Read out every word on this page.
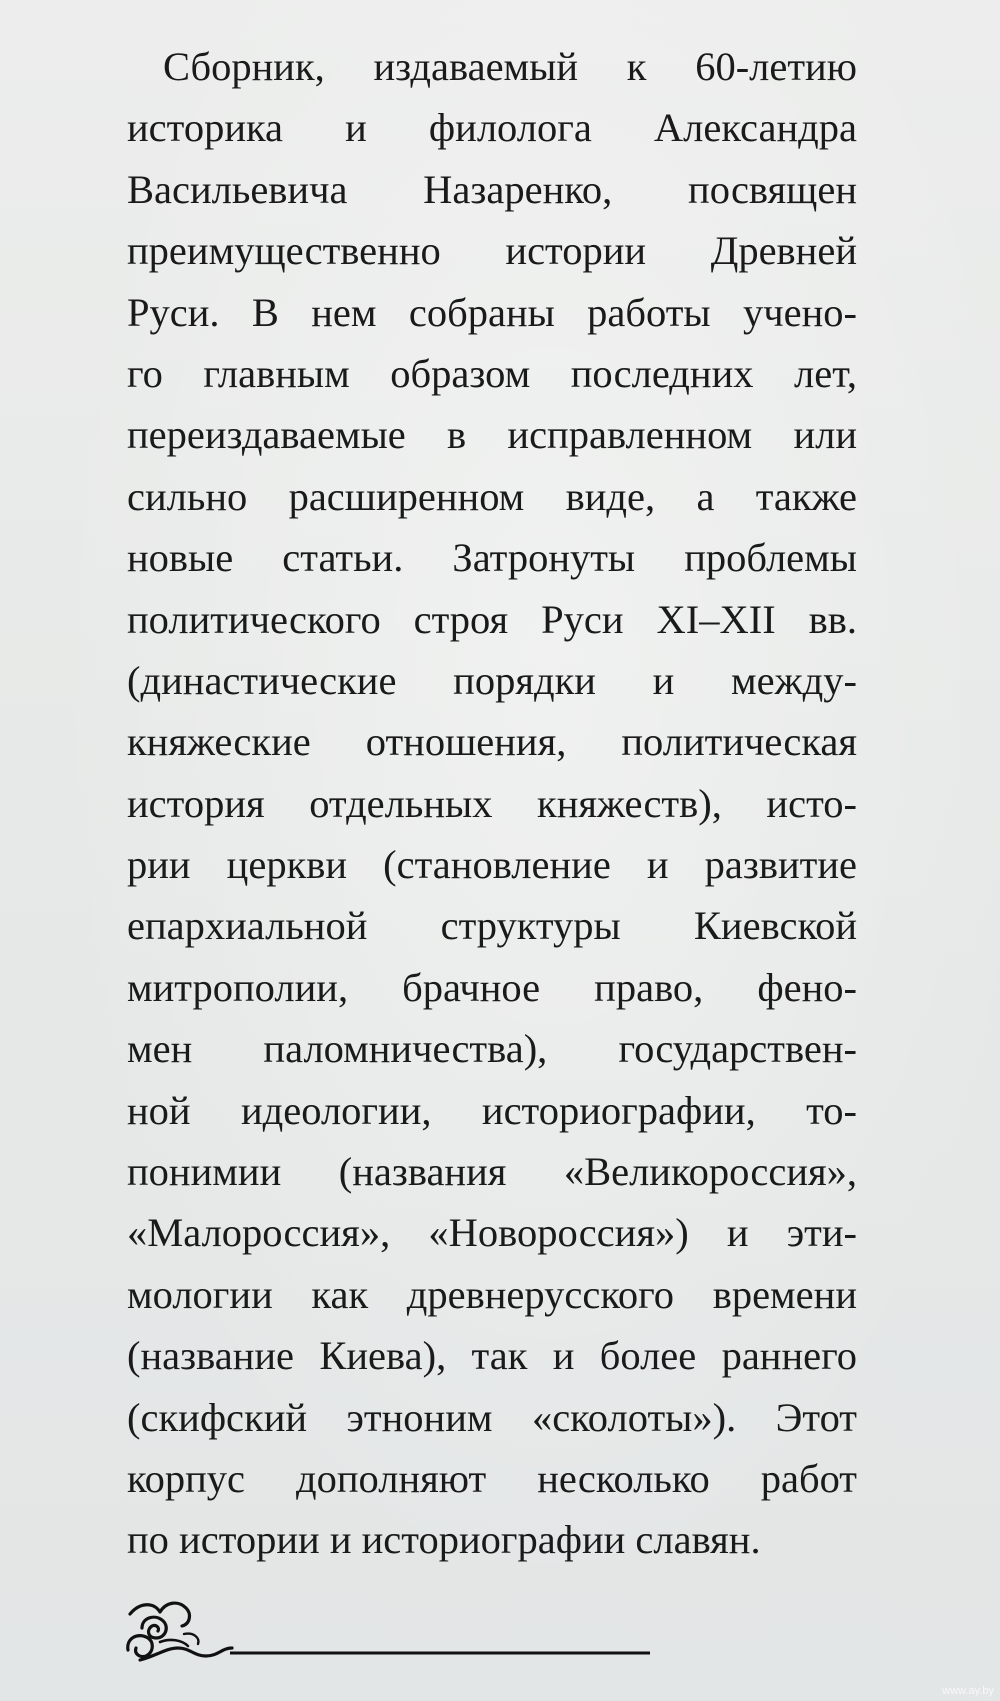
Сборник, издаваемый к 60-летию
историка и филолога Александра
Васильевича Назаренко, посвящен
преимущественно истории Древней
Руси. В нем собраны работы учено-
го главным образом последних лет,
переиздаваемые в исправленном или
сильно расширенном виде, а также
новые статьи. Затронуты проблемы
политического строя Руси XI–XII вв.
(династические порядки и между-
княжеские отношения, политическая
история отдельных княжеств), исто-
рии церкви (становление и развитие
епархиальной структуры Киевской
митрополии, брачное право, фено-
мен паломничества), государствен-
ной идеологии, историографии, то-
понимии (названия «Великороссия»,
«Малороссия», «Новороссия») и эти-
мологии как древнерусского времени
(название Киева), так и более раннего
(скифский этноним «сколоты»). Этот
корпус дополняют несколько работ
по истории и историографии славян.
www.ay.by
